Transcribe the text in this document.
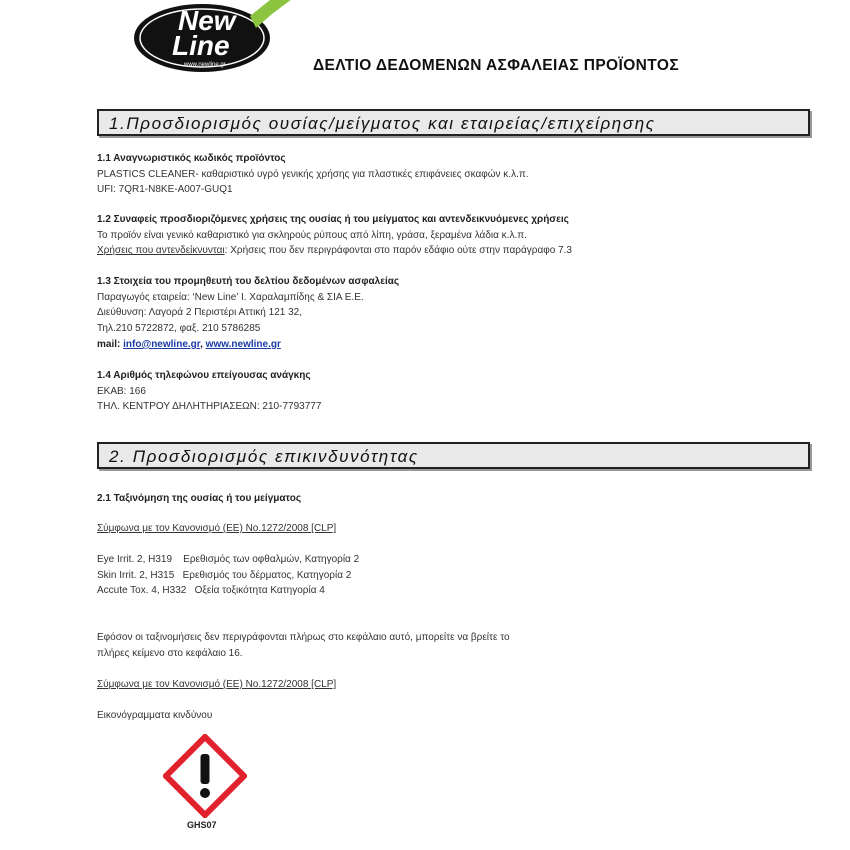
New
Line
www.newline.gr	ΔΕΛΤΙΟ ΔΕΔΟΜΕΝΩΝ ΑΣΦΑΛΕΙΑΣ ΠΡΟΪΟΝΤΟΣ
1.Προσδιορισμός ουσίας/μείγματος και εταιρείας/επιχείρησης
1.1 Αναγνωριστικός κωδικός προϊόντος
PLASTICS CLEANER- καθαριστικό υγρό γενικής χρήσης για πλαστικές επιφάνειες σκαφών κ.λ.π.
UFI: 7QR1-N8KE-A007-GUQ1
1.2 Συναφείς προσδιοριζόμενες χρήσεις της ουσίας ή του μείγματος και αντενδεικνυόμενες χρήσεις
Το προϊόν είναι γενικό καθαριστικό για σκληρούς ρύπους από λίπη, γράσα, ξεραμένα λάδια κ.λ.π.
Χρήσεις που αντενδείκνυνται: Χρήσεις που δεν περιγράφονται στο παρόν εδάφιο ούτε στην παράγραφο 7.3
1.3 Στοιχεία του προμηθευτή του δελτίου δεδομένων ασφαλείας
Παραγωγός εταιρεία: ‘New Line’ Ι. Χαραλαμπίδης & ΣΙΑ Ε.Ε.
Διεύθυνση: Λαγορά 2 Περιστέρι Αττική 121 32,
Τηλ.210 5722872, φαξ. 210 5786285
mail: info@newline.gr, www.newline.gr
1.4 Αριθμός τηλεφώνου επείγουσας ανάγκης
ΕΚΑΒ: 166
ΤΗΛ. ΚΕΝΤΡΟΥ ΔΗΛΗΤΗΡΙΑΣΕΩΝ: 210-7793777
2. Προσδιορισμός επικινδυνότητας
2.1 Ταξινόμηση της ουσίας ή του μείγματος
Σύμφωνα με τον Κανονισμό (ΕΕ) No.1272/2008 [CLP]
Eye Irrit. 2, H319    Ερεθισμός των οφθαλμών, Κατηγορία 2
Skin Irrit. 2, H315   Ερεθισμός του δέρματος, Κατηγορία 2
Accute Tox. 4, H332   Οξεία τοξικότητα Κατηγορία 4
Εφόσον οι ταξινομήσεις δεν περιγράφονται πλήρως στο κεφάλαιο αυτό, μπορείτε να βρείτε το
πλήρες κείμενο στο κεφάλαιο 16.
Σύμφωνα με τον Κανονισμό (ΕΕ) No.1272/2008 [CLP]
Εικονόγραμματα κινδύνου
GHS07
